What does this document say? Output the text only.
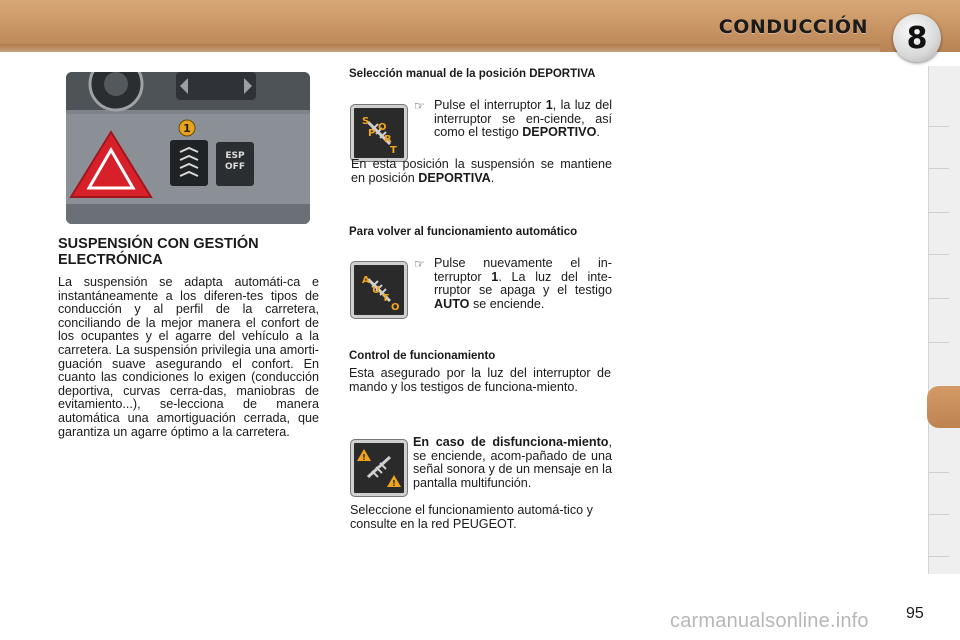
CONDUCCIÓN	8
1
ESP
OFF
SUSPENSIÓN CON GESTIÓN ELECTRÓNICA
La suspensión se adapta automáti-ca e instantáneamente a los diferen-tes tipos de conducción y al perfil de la carretera, conciliando de la mejor manera el confort de los ocupantes y el agarre del vehículo a la carretera. La suspensión privilegia una amorti-guación suave asegurando el confort. En cuanto las condiciones lo exigen (conducción deportiva, curvas cerra-das, maniobras de evitamiento...), se-lecciona de manera automática una amortiguación cerrada, que garantiza un agarre óptimo a la carretera.
Selección manual de la posición DEPORTIVA
S
P
O
R
T
☞ Pulse el interruptor 1, la luz del interruptor se en-ciende, así como el testigo DEPORTIVO.
En esta posición la suspensión se mantiene en posición DEPORTIVA.
Para volver al funcionamiento automático
A
U
T
O
☞ Pulse nuevamente el in-terruptor 1. La luz del inte-rruptor se apaga y el testigo AUTO se enciende.
Control de funcionamiento
Esta asegurado por la luz del interruptor de mando y los testigos de funciona-miento.
!
!
En caso de disfunciona-miento, se enciende, acom-pañado de una señal sonora y de un mensaje en la pantalla multifunción.
Seleccione el funcionamiento automá-tico y consulte en la red PEUGEOT.
carmanualsonline.info 95
